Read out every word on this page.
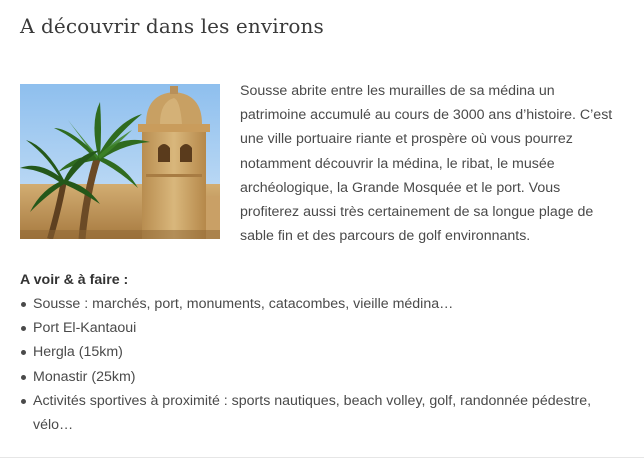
A découvrir dans les environs

Sousse abrite entre les murailles de sa médina un patrimoine accumulé au cours de 3000 ans d’histoire. C’est une ville portuaire riante et prospère où vous pourrez notamment découvrir la médina, le ribat, le musée archéologique, la Grande Mosquée et le port. Vous profiterez aussi très certainement de sa longue plage de sable fin et des parcours de golf environnants.

A voir & à faire :

Sousse : marchés, port, monuments, catacombes, vieille médina…
Port El-Kantaoui
Hergla (15km)
Monastir (25km)
Activités sportives à proximité : sports nautiques, beach volley, golf, randonnée pédestre, vélo…
